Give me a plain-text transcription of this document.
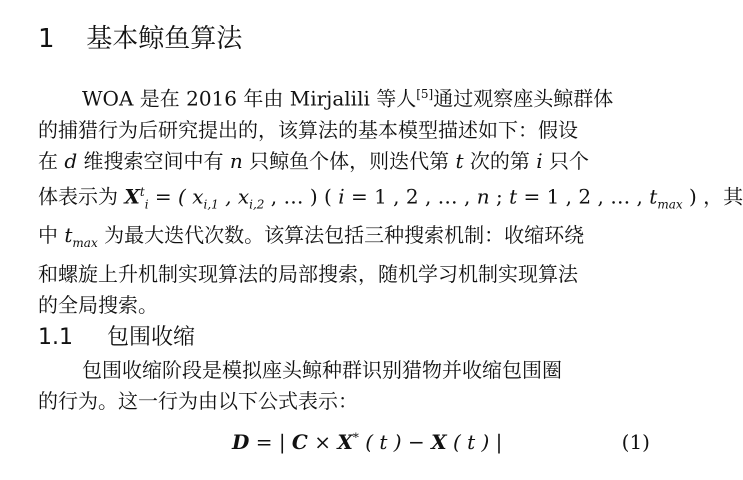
1 基本鲸鱼算法
WOA 是在 2016 年由 Mirjalili 等人[5]通过观察座头鲸群体
的捕猎行为后研究提出的，该算法的基本模型描述如下：假设
在 d 维搜索空间中有 n 只鲸鱼个体，则迭代第 t 次的第 i 只个
体表示为 $X^t_i$ = ( $x_{i,1}$ , $x_{i,2}$ , … ) ( i = 1 , 2 , … , n ; t = 1 , 2 , … , $t_{max}$ ) ，其
中 $t_{max}$ 为最大迭代次数。该算法包括三种搜索机制：收缩环绕
和螺旋上升机制实现算法的局部搜索，随机学习机制实现算法
的全局搜索。
1.1 包围收缩
包围收缩阶段是模拟座头鲸种群识别猎物并收缩包围圈
的行为。这一行为由以下公式表示：
D = | C × X* ( t ) − X ( t ) |	(1)
